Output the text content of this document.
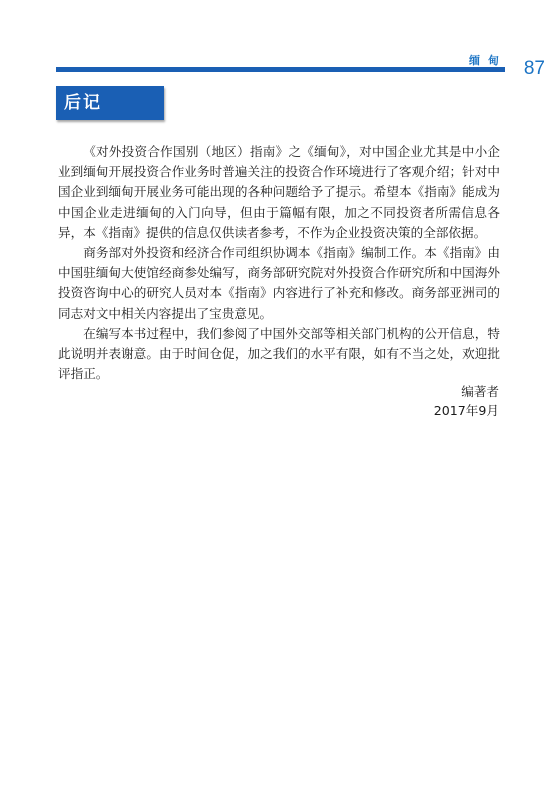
缅甸 87
后记

《对外投资合作国别（地区）指南》之《缅甸》，对中国企业尤其是中小企业到缅甸开展投资合作业务时普遍关注的投资合作环境进行了客观介绍；针对中国企业到缅甸开展业务可能出现的各种问题给予了提示。希望本《指南》能成为中国企业走进缅甸的入门向导，但由于篇幅有限，加之不同投资者所需信息各异，本《指南》提供的信息仅供读者参考，不作为企业投资决策的全部依据。

商务部对外投资和经济合作司组织协调本《指南》编制工作。本《指南》由中国驻缅甸大使馆经商参处编写，商务部研究院对外投资合作研究所和中国海外投资咨询中心的研究人员对本《指南》内容进行了补充和修改。商务部亚洲司的同志对文中相关内容提出了宝贵意见。

在编写本书过程中，我们参阅了中国外交部等相关部门机构的公开信息，特此说明并表谢意。由于时间仓促，加之我们的水平有限，如有不当之处，欢迎批评指正。

编著者
2017年9月
